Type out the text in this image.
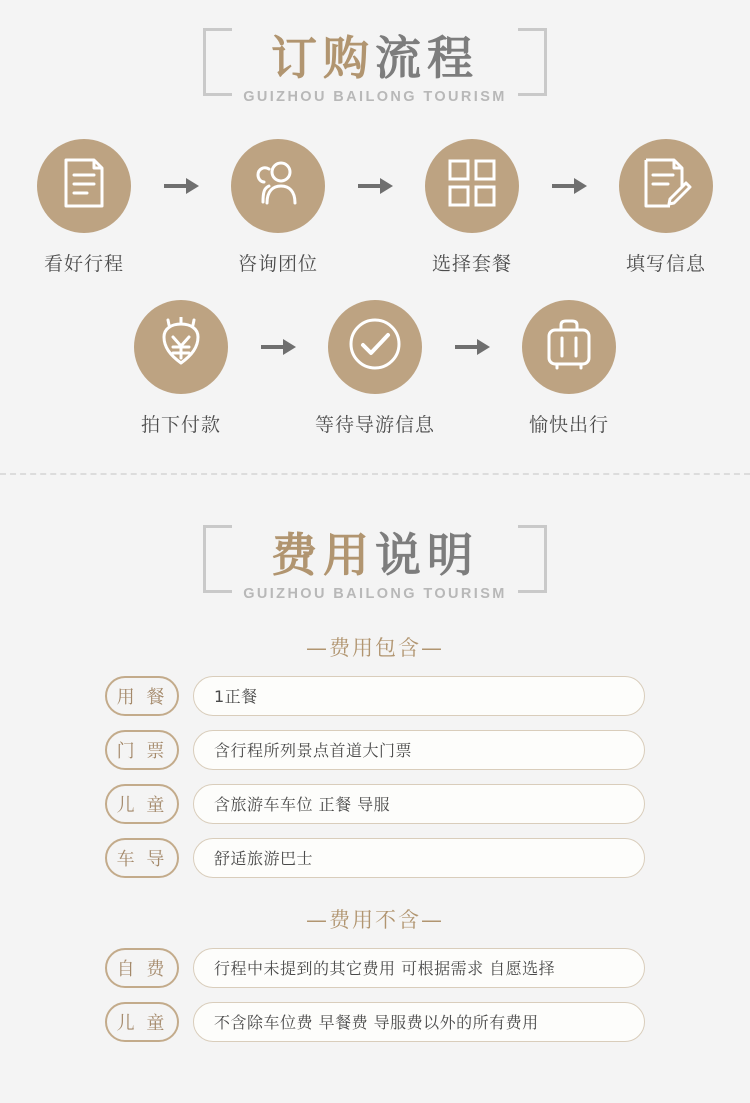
订购流程

GUIZHOU BAILONG TOURISM

看好行程	咨询团位	选择套餐	填写信息
拍下付款	等待导游信息	愉快出行

费用说明

GUIZHOU BAILONG TOURISM

—费用包含—
用 餐	1正餐
门 票	含行程所列景点首道大门票
儿 童	含旅游车车位 正餐 导服
车 导	舒适旅游巴士
—费用不含—
自 费	行程中未提到的其它费用 可根据需求 自愿选择
儿 童	不含除车位费 早餐费 导服费以外的所有费用
